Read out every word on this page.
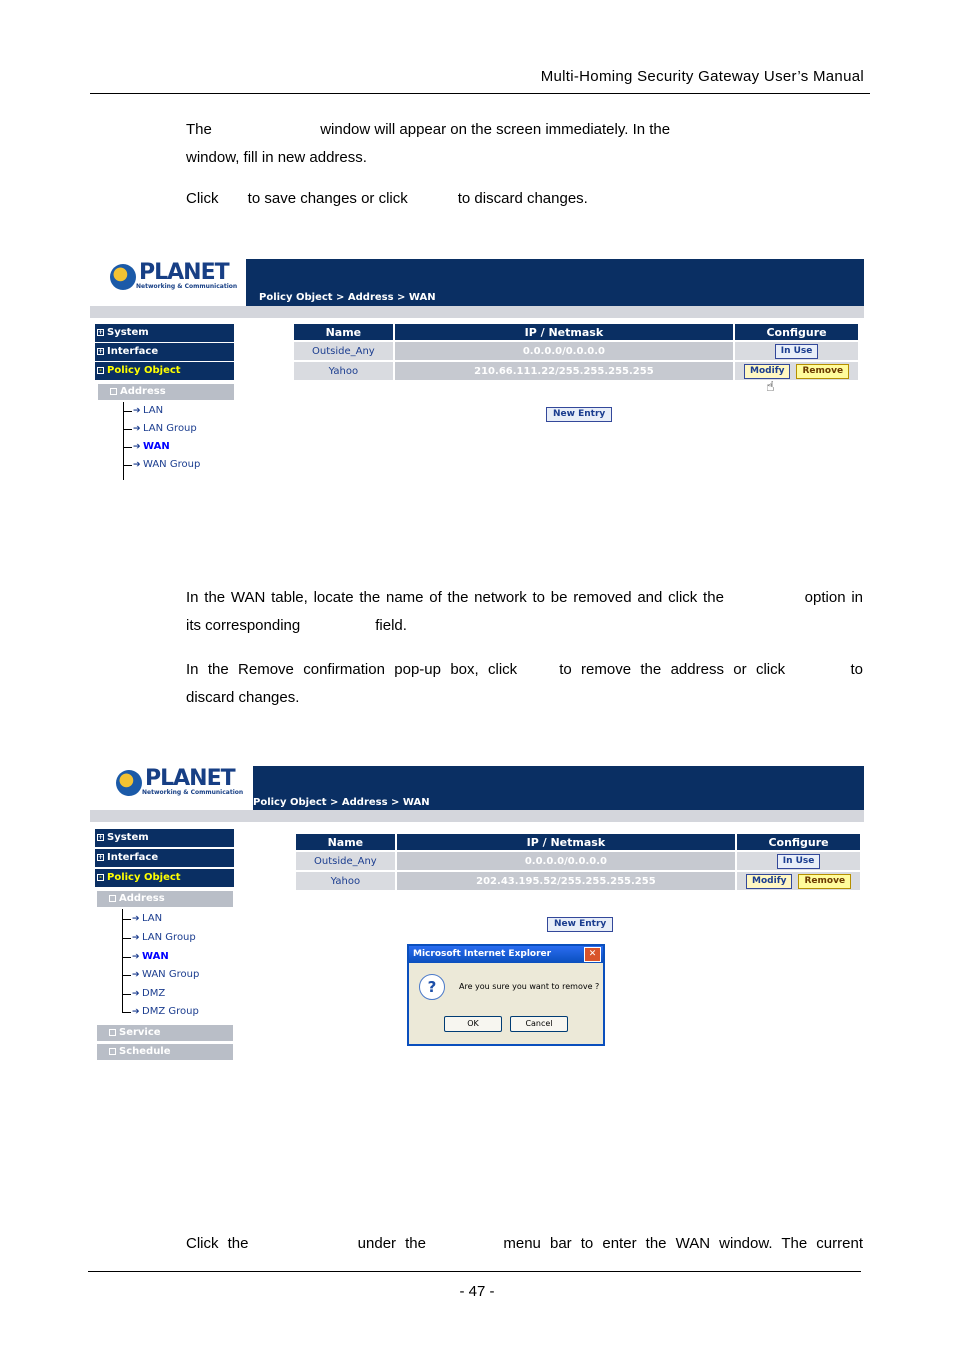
Multi-Homing Security Gateway User’s Manual
The                          window will appear on the screen immediately. In the
window, fill in new address.
Click       to save changes or click            to discard changes.
PLANET
Networking & Communication
Policy Object > Address > WAN
+ System
+ Interface
- Policy Object
Address
➔ LAN
➔ LAN Group
➔ WAN
➔ WAN Group
Name	IP / Netmask	Configure
Outside_Any	0.0.0.0/0.0.0.0	In Use
Yahoo	210.66.111.22/255.255.255.255	Modify Remove
☝
New Entry
In the WAN table, locate the name of the network to be removed and click the              option in
its corresponding                  field.
In  the  Remove  confirmation  pop-up  box,  click         to  remove  the  address  or  click              to
discard changes.
PLANET
Networking & Communication
Policy Object > Address > WAN
+ System
+ Interface
- Policy Object
Address
➔ LAN
➔ LAN Group
➔ WAN
➔ WAN Group
➔ DMZ
➔ DMZ Group
Service
Schedule
Name	IP / Netmask	Configure
Outside_Any	0.0.0.0/0.0.0.0	In Use
Yahoo	202.43.195.52/255.255.255.255	Modify Remove
New Entry
Microsoft Internet Explorer	✕
?	Are you sure you want to remove ?
OK	Cancel
Click  the                        under  the                 menu  bar  to  enter  the  WAN  window.  The  current
- 47 -
